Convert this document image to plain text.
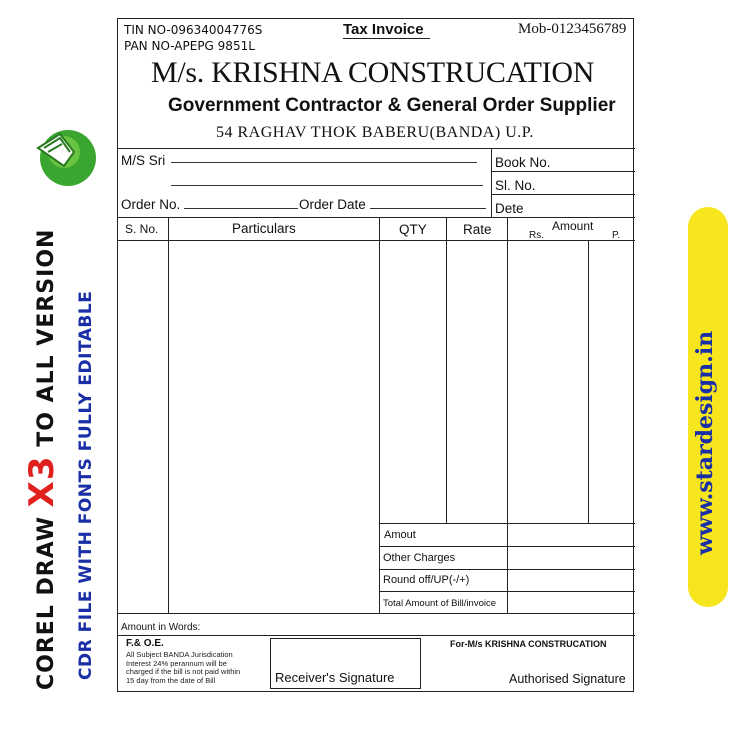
COREL DRAW X3 TO ALL VERSION CDR FILE WITH FONTS FULLY EDITABLE	www.stardesign.in
TIN NO-09634004776S
PAN NO-APEPG 9851L
Tax Invoice	Mob-0123456789
M/s. KRISHNA CONSTRUCATION
Government Contractor & General Order Supplier
54 RAGHAV THOK BABERU(BANDA) U.P.
M/S Sri	Book No.
Sl. No.
Dete
Order No.	Order Date
S. No.	Particulars	QTY	Rate	Amount
Rs.	P.
Amout
Other Charges
Round off/UP(-/+)
Total Amount of Bill/invoice
Amount in Words:
F.& O.E.
All Subject BANDA Jurisdication
Interest 24% perannum will be
charged if the bill is not paid within
15 day from the date of Bill	Receiver's Signature
For-M/s KRISHNA CONSTRUCATION
Authorised Signature
